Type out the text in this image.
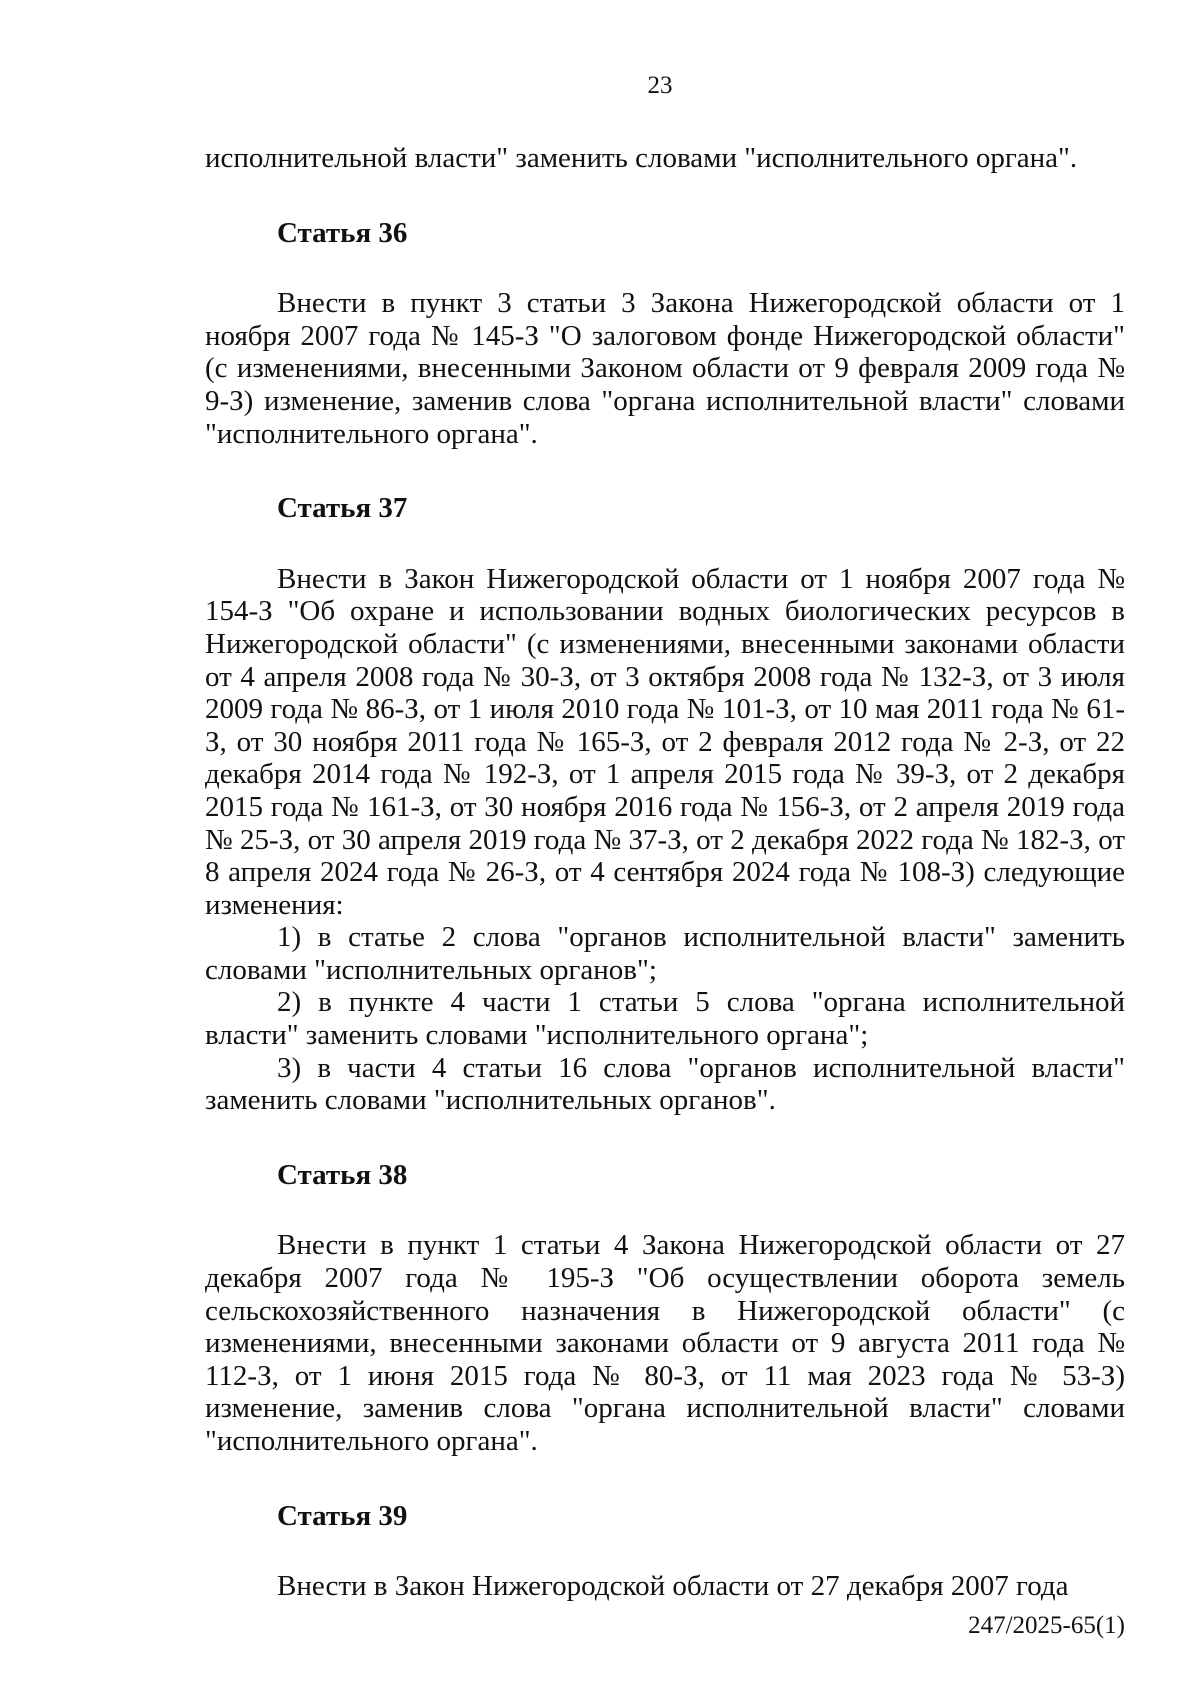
23

исполнительной власти" заменить словами "исполнительного органа".

Статья 36

Внести в пункт 3 статьи 3 Закона Нижегородской области от 1 ноября 2007 года № 145-З "О залоговом фонде Нижегородской области" (с изменениями, внесенными Законом области от 9 февраля 2009 года № 9-З) изменение, заменив слова "органа исполнительной власти" словами "исполнительного органа".

Статья 37

Внести в Закон Нижегородской области от 1 ноября 2007 года № 154-З "Об охране и использовании водных биологических ресурсов в Нижегородской области" (с изменениями, внесенными законами области от 4 апреля 2008 года № 30-З, от 3 октября 2008 года № 132-З, от 3 июля 2009 года № 86-З, от 1 июля 2010 года № 101-З, от 10 мая 2011 года № 61-З, от 30 ноября 2011 года № 165-З, от 2 февраля 2012 года № 2-З, от 22 декабря 2014 года № 192-З, от 1 апреля 2015 года № 39-З, от 2 декабря 2015 года № 161-З, от 30 ноября 2016 года № 156-З, от 2 апреля 2019 года № 25-З, от 30 апреля 2019 года № 37-З, от 2 декабря 2022 года № 182-З, от 8 апреля 2024 года № 26-З, от 4 сентября 2024 года № 108-З) следующие изменения:

1) в статье 2 слова "органов исполнительной власти" заменить словами "исполнительных органов";

2) в пункте 4 части 1 статьи 5 слова "органа исполнительной власти" заменить словами "исполнительного органа";

3) в части 4 статьи 16 слова "органов исполнительной власти" заменить словами "исполнительных органов".

Статья 38

Внести в пункт 1 статьи 4 Закона Нижегородской области от 27 декабря 2007 года № 195-З "Об осуществлении оборота земель сельскохозяйственного назначения в Нижегородской области" (с изменениями, внесенными законами области от 9 августа 2011 года № 112-З, от 1 июня 2015 года № 80-З, от 11 мая 2023 года № 53-З) изменение, заменив слова "органа исполнительной власти" словами "исполнительного органа".

Статья 39

Внести в Закон Нижегородской области от 27 декабря 2007 года

247/2025-65(1)
